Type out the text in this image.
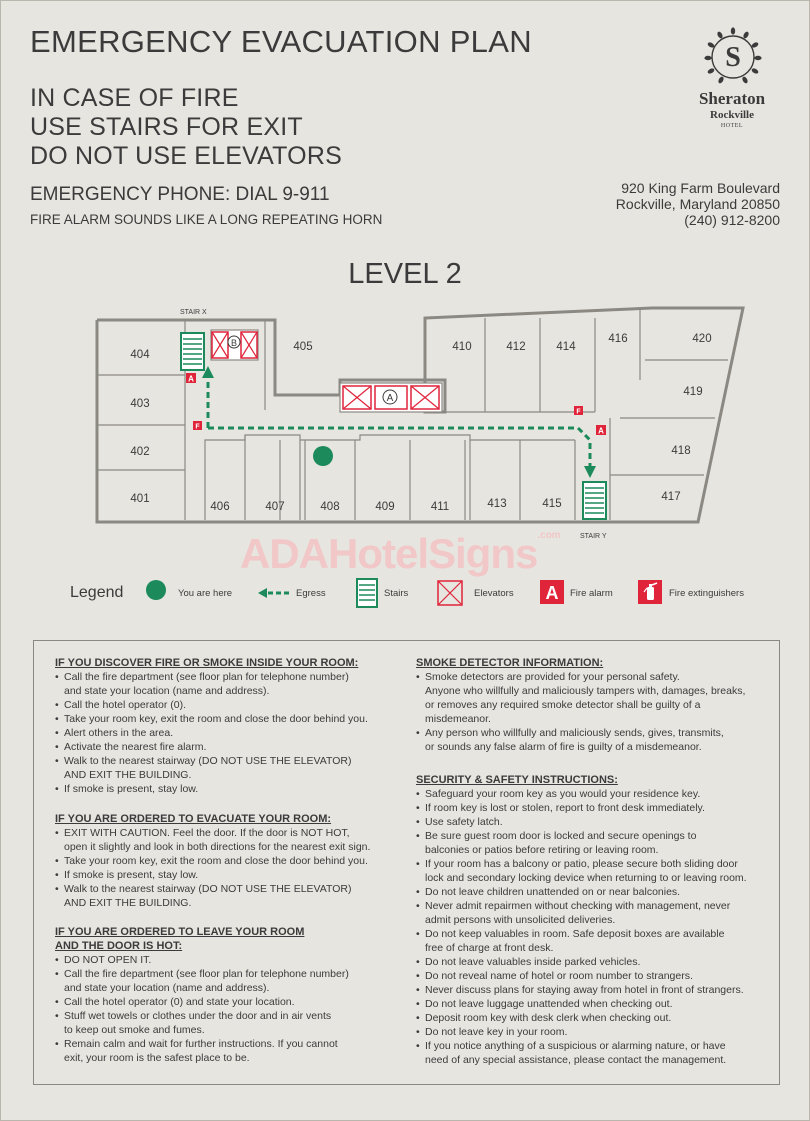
EMERGENCY EVACUATION PLAN
IN CASE OF FIRE
USE STAIRS FOR EXIT
DO NOT USE ELEVATORS
EMERGENCY PHONE: DIAL 9-911
FIRE ALARM SOUNDS LIKE A LONG REPEATING HORN
S
Sheraton
Rockville
HOTEL
920 King Farm Boulevard
Rockville, Maryland 20850
(240) 912-8200
LEVEL 2
STAIR X
STAIR Y
B
A
A
A
F
F
404
403
402
401
405
406	407	408	409	411	413	415
410	412	414
416	420
419
418
417
ADAHotelSigns$^{.com}$
Legend	You are here	Egress	Stairs	Elevators A Fire alarm	Fire extinguishers
IF YOU DISCOVER FIRE OR SMOKE INSIDE YOUR ROOM:
• Call the fire department (see floor plan for telephone number)
and state your location (name and address).
• Call the hotel operator (0).
• Take your room key, exit the room and close the door behind you.
• Alert others in the area.
• Activate the nearest fire alarm.
• Walk to the nearest stairway (DO NOT USE THE ELEVATOR)
AND EXIT THE BUILDING.
• If smoke is present, stay low.
IF YOU ARE ORDERED TO EVACUATE YOUR ROOM:
• EXIT WITH CAUTION. Feel the door. If the door is NOT HOT,
open it slightly and look in both directions for the nearest exit sign.
• Take your room key, exit the room and close the door behind you.
• If smoke is present, stay low.
• Walk to the nearest stairway (DO NOT USE THE ELEVATOR)
AND EXIT THE BUILDING.
IF YOU ARE ORDERED TO LEAVE YOUR ROOM
AND THE DOOR IS HOT:
• DO NOT OPEN IT.
• Call the fire department (see floor plan for telephone number)
and state your location (name and address).
• Call the hotel operator (0) and state your location.
• Stuff wet towels or clothes under the door and in air vents
to keep out smoke and fumes.
• Remain calm and wait for further instructions. If you cannot
exit, your room is the safest place to be.
SMOKE DETECTOR INFORMATION:
• Smoke detectors are provided for your personal safety.
Anyone who willfully and maliciously tampers with, damages, breaks,
or removes any required smoke detector shall be guilty of a
misdemeanor.
• Any person who willfully and maliciously sends, gives, transmits,
or sounds any false alarm of fire is guilty of a misdemeanor.
SECURITY & SAFETY INSTRUCTIONS:
• Safeguard your room key as you would your residence key.
• If room key is lost or stolen, report to front desk immediately.
• Use safety latch.
• Be sure guest room door is locked and secure openings to
balconies or patios before retiring or leaving room.
• If your room has a balcony or patio, please secure both sliding door
lock and secondary locking device when returning to or leaving room.
• Do not leave children unattended on or near balconies.
• Never admit repairmen without checking with management, never
admit persons with unsolicited deliveries.
• Do not keep valuables in room. Safe deposit boxes are available
free of charge at front desk.
• Do not leave valuables inside parked vehicles.
• Do not reveal name of hotel or room number to strangers.
• Never discuss plans for staying away from hotel in front of strangers.
• Do not leave luggage unattended when checking out.
• Deposit room key with desk clerk when checking out.
• Do not leave key in your room.
• If you notice anything of a suspicious or alarming nature, or have
need of any special assistance, please contact the management.
